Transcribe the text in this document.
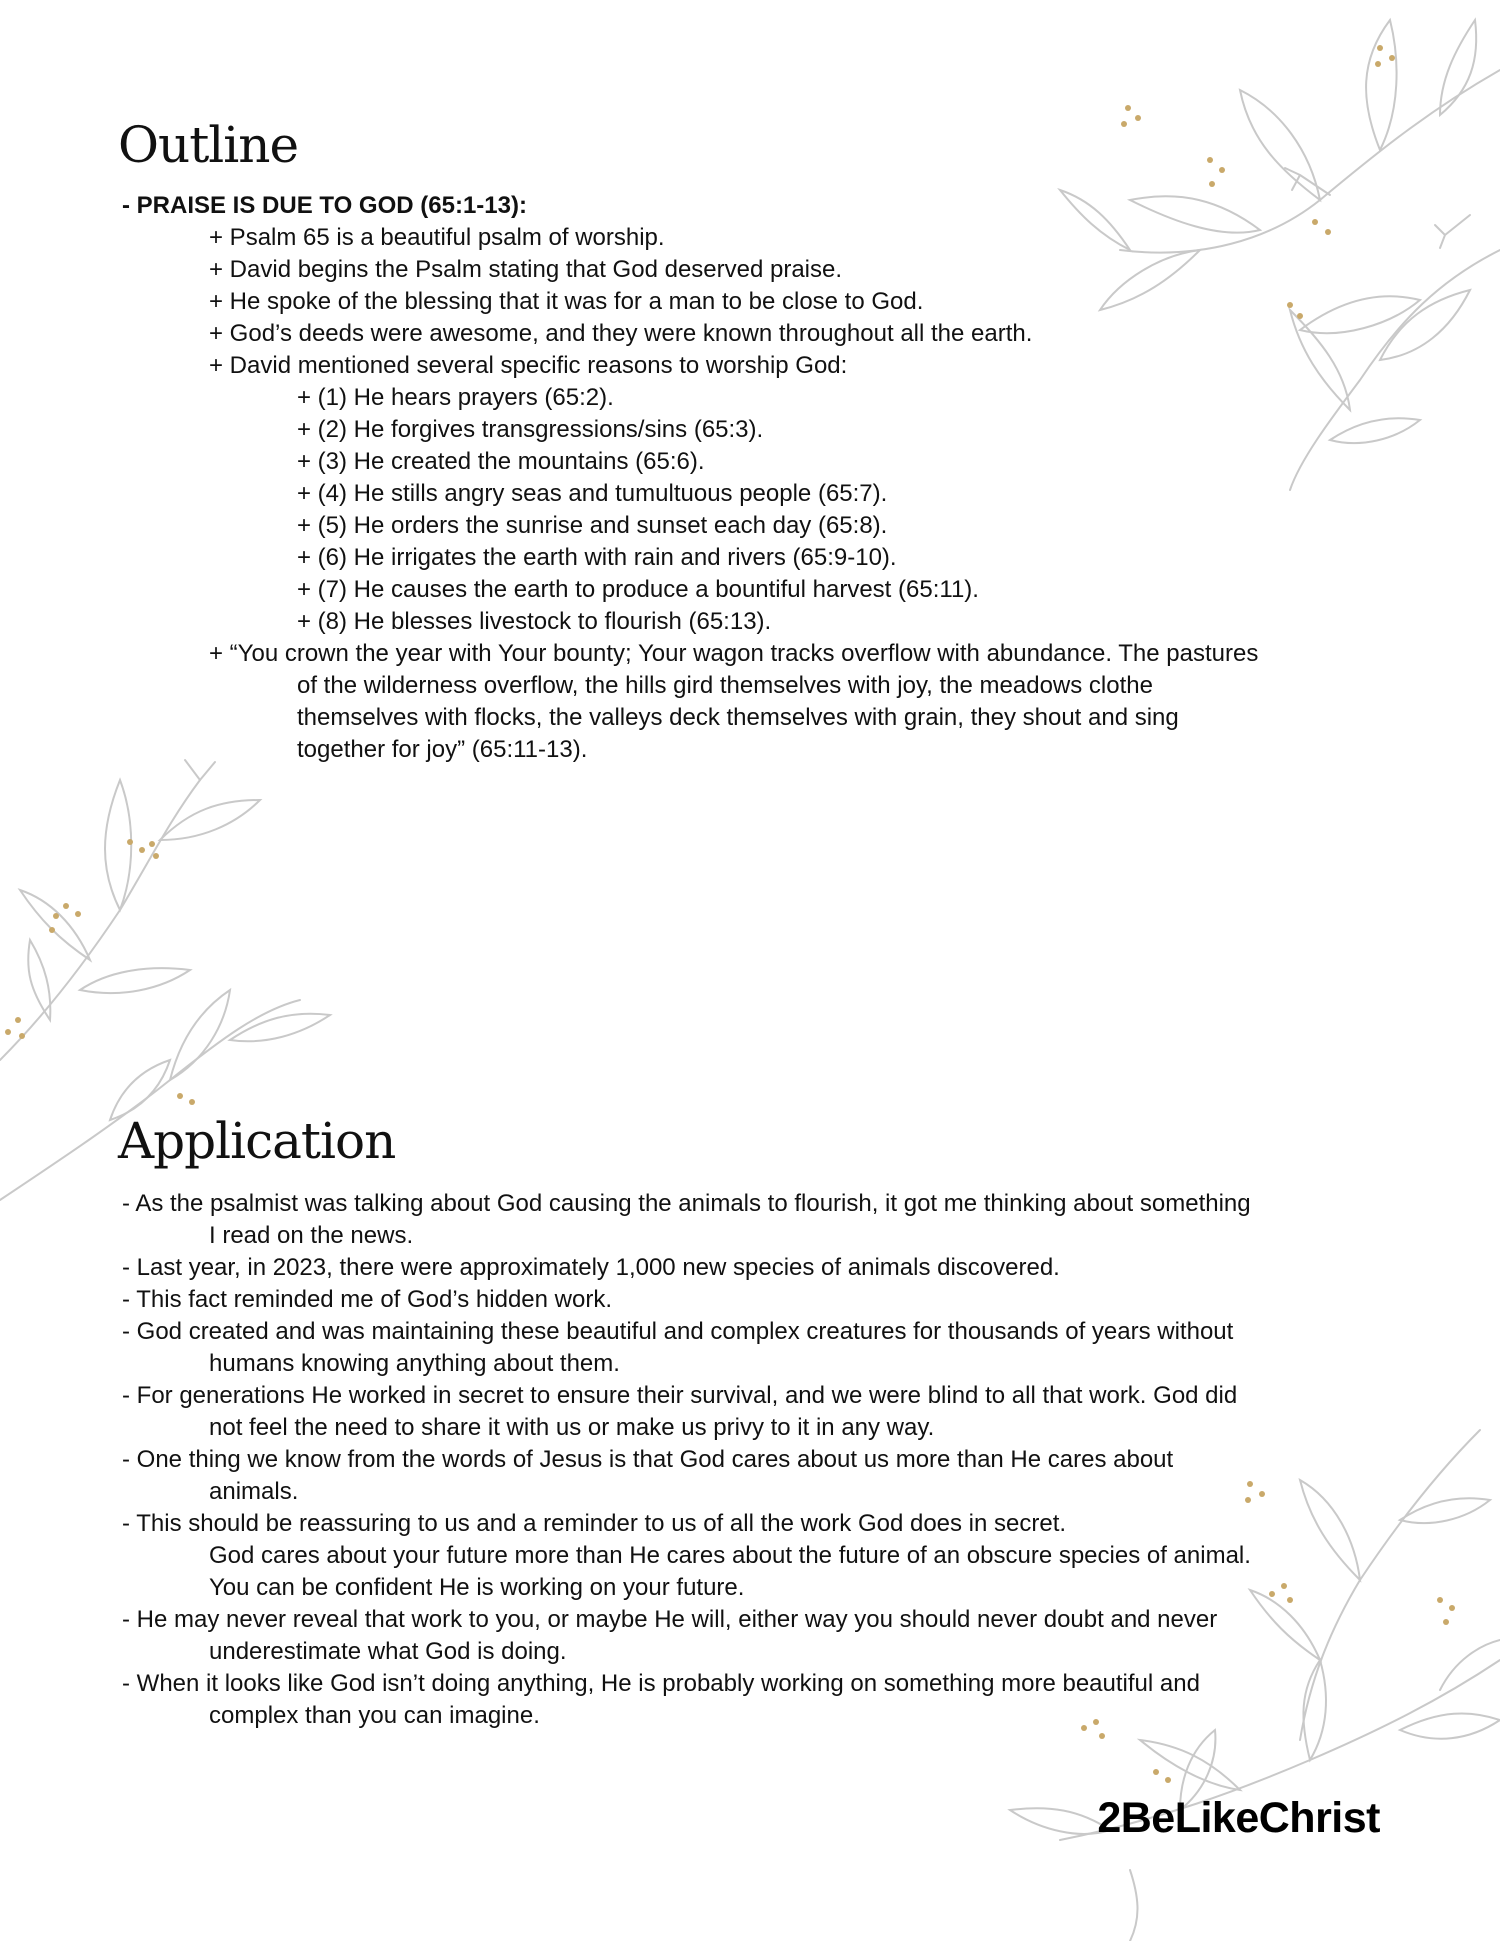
Outline
- PRAISE IS DUE TO GOD (65:1-13):
+ Psalm 65 is a beautiful psalm of worship.
+ David begins the Psalm stating that God deserved praise.
+ He spoke of the blessing that it was for a man to be close to God.
+ God’s deeds were awesome, and they were known throughout all the earth.
+ David mentioned several specific reasons to worship God:
+ (1) He hears prayers (65:2).
+ (2) He forgives transgressions/sins (65:3).
+ (3) He created the mountains (65:6).
+ (4) He stills angry seas and tumultuous people (65:7).
+ (5) He orders the sunrise and sunset each day (65:8).
+ (6) He irrigates the earth with rain and rivers (65:9-10).
+ (7) He causes the earth to produce a bountiful harvest (65:11).
+ (8) He blesses livestock to flourish (65:13).
+ “You crown the year with Your bounty; Your wagon tracks overflow with abundance. The pastures
of the wilderness overflow, the hills gird themselves with joy, the meadows clothe
themselves with flocks, the valleys deck themselves with grain, they shout and sing
together for joy” (65:11-13).
Application
- As the psalmist was talking about God causing the animals to flourish, it got me thinking about something
I read on the news.
- Last year, in 2023, there were approximately 1,000 new species of animals discovered.
- This fact reminded me of God’s hidden work.
- God created and was maintaining these beautiful and complex creatures for thousands of years without
humans knowing anything about them.
- For generations He worked in secret to ensure their survival, and we were blind to all that work. God did
not feel the need to share it with us or make us privy to it in any way.
- One thing we know from the words of Jesus is that God cares about us more than He cares about
animals.
- This should be reassuring to us and a reminder to us of all the work God does in secret.
God cares about your future more than He cares about the future of an obscure species of animal.
You can be confident He is working on your future.
- He may never reveal that work to you, or maybe He will, either way you should never doubt and never
underestimate what God is doing.
- When it looks like God isn’t doing anything, He is probably working on something more beautiful and
complex than you can imagine.
2BeLikeChrist
